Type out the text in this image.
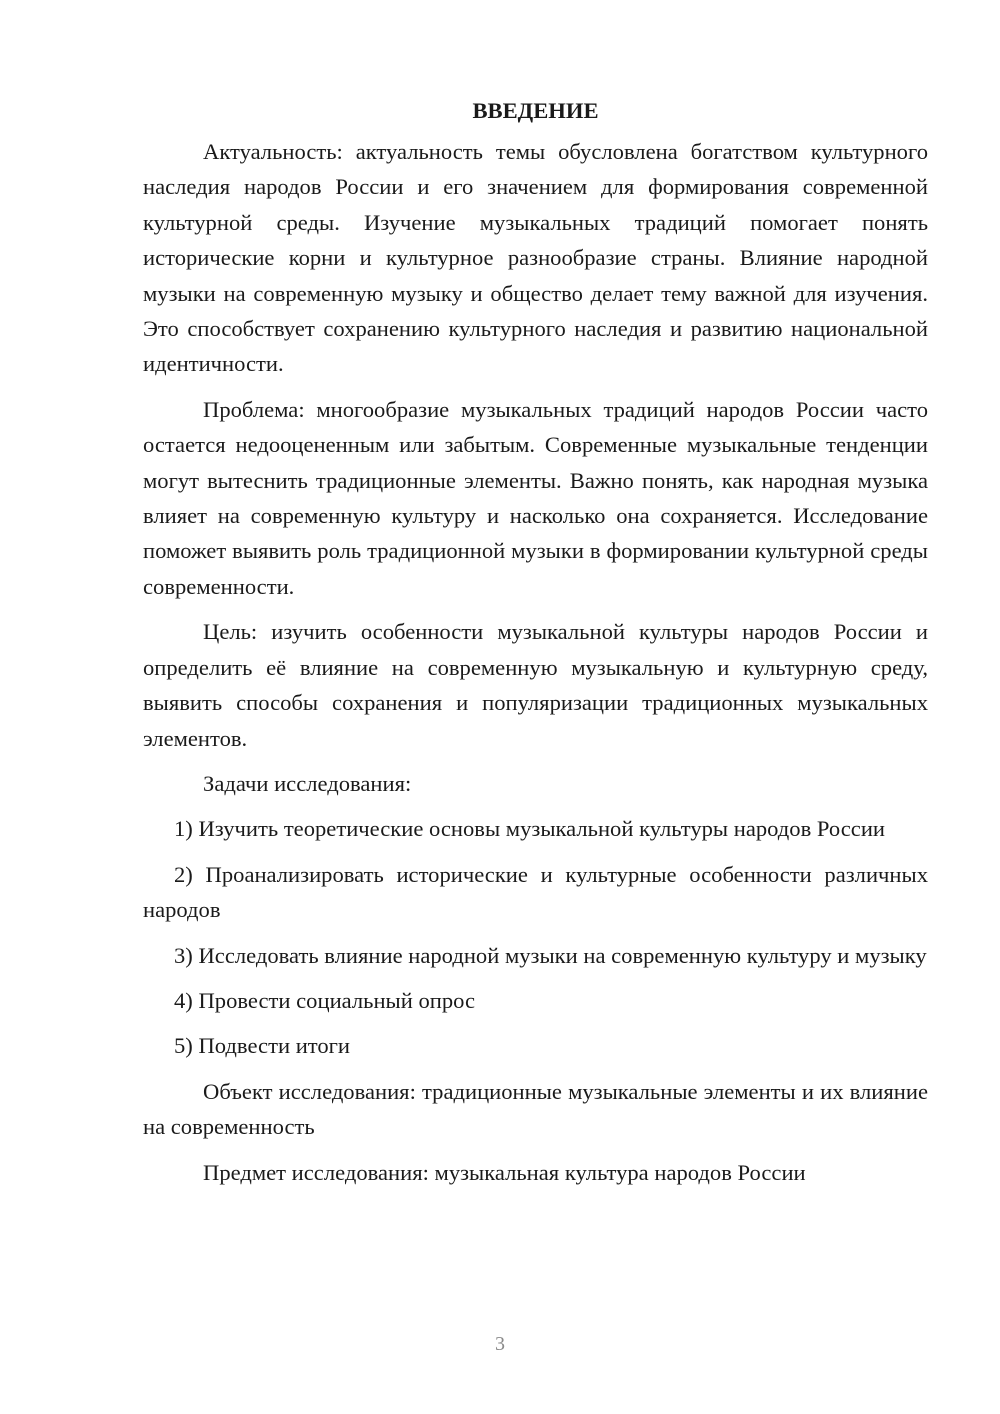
ВВЕДЕНИЕ

Актуальность: актуальность темы обусловлена богатством культурного наследия народов России и его значением для формирования современной культурной среды. Изучение музыкальных традиций помогает понять исторические корни и культурное разнообразие страны. Влияние народной музыки на современную музыку и общество делает тему важной для изучения. Это способствует сохранению культурного наследия и развитию национальной идентичности.

Проблема: многообразие музыкальных традиций народов России часто остается недооцененным или забытым. Современные музыкальные тенденции могут вытеснить традиционные элементы. Важно понять, как народная музыка влияет на современную культуру и насколько она сохраняется. Исследование поможет выявить роль традиционной музыки в формировании культурной среды современности.

Цель: изучить особенности музыкальной культуры народов России и определить её влияние на современную музыкальную и культурную среду, выявить способы сохранения и популяризации традиционных музыкальных элементов.

Задачи исследования:

1) Изучить теоретические основы музыкальной культуры народов России

2) Проанализировать исторические и культурные особенности различных народов

3) Исследовать влияние народной музыки на современную культуру и музыку

4) Провести социальный опрос

5) Подвести итоги

Объект исследования: традиционные музыкальные элементы и их влияние на современность

Предмет исследования: музыкальная культура народов России

3
